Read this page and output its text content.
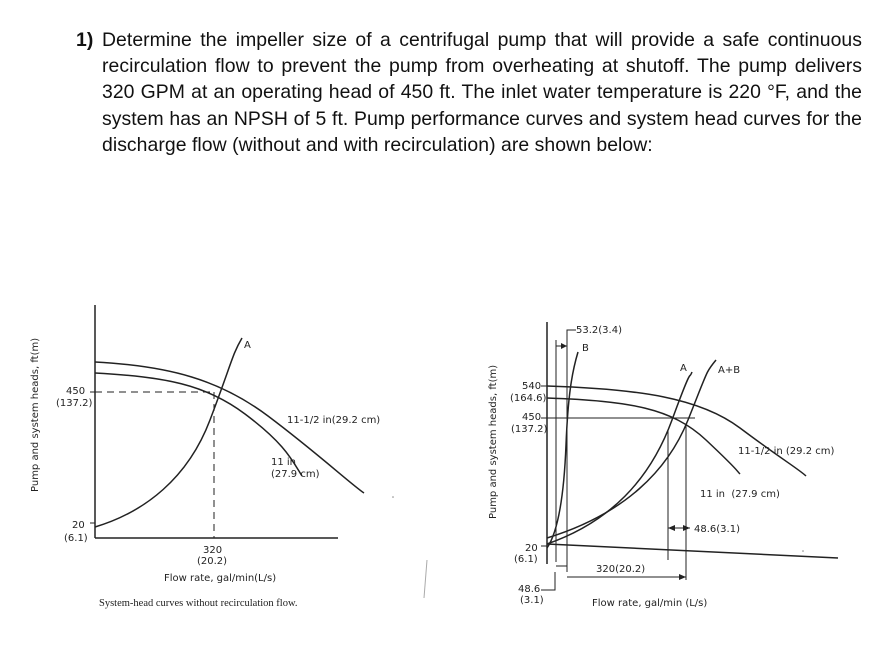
1) Determine the impeller size of a centrifugal pump that will provide a safe continuous recirculation flow to prevent the pump from overheating at shutoff. The pump delivers 320 GPM at an operating head of 450 ft. The inlet water temperature is 220 °F, and the system has an NPSH of 5 ft. Pump performance curves and system head curves for the discharge flow (without and with recirculation) are shown below:
Pump and system heads, ft(m)	450
(137.2)
20
(6.1)
320
(20.2)
Flow rate, gal/min(L/s)
A
11-1/2 in(29.2 cm)
11 in
(27.9 cm)
System-head curves without recirculation flow.
Pump and system heads, ft(m)
53.2(3.4)
B
A	A+B
540
(164.6)
450
(137.2)
11-1/2 in (29.2 cm)
11 in  (27.9 cm)
48.6(3.1)
20
(6.1)
320(20.2)
48.6
(3.1)	Flow rate, gal/min (L/s)
